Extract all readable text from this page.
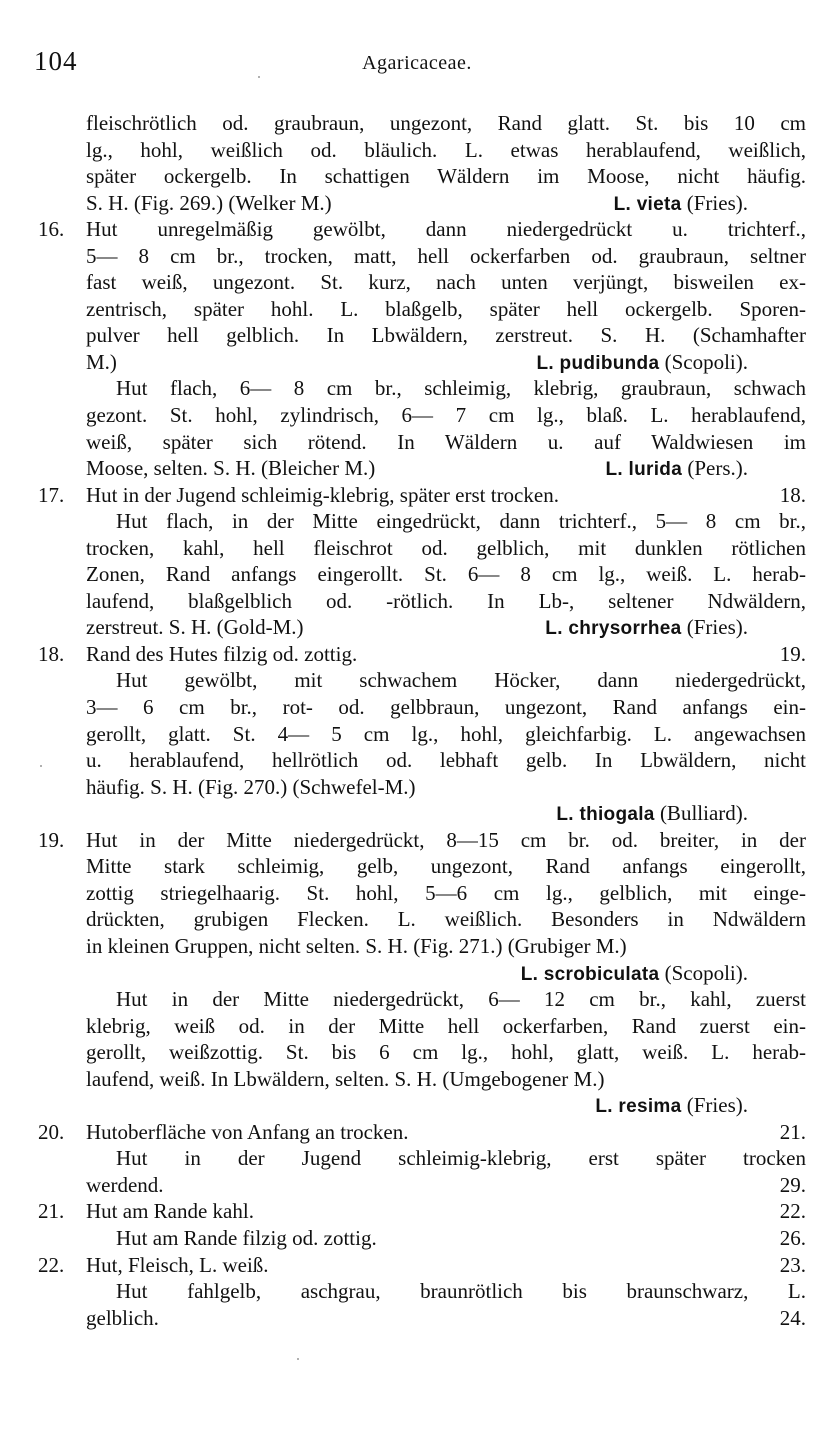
104	Agaricaceae.
fleischrötlich od. graubraun, ungezont, Rand glatt. St. bis 10 cm
lg., hohl, weißlich od. bläulich. L. etwas herablaufend, weißlich,
später ockergelb. In schattigen Wäldern im Moose, nicht häufig.
S. H. (Fig. 269.) (Welker M.)	L. vieta (Fries).
16. Hut unregelmäßig gewölbt, dann niedergedrückt u. trichterf.,
5— 8 cm br., trocken, matt, hell ockerfarben od. graubraun, seltner
fast weiß, ungezont. St. kurz, nach unten verjüngt, bisweilen ex-
zentrisch, später hohl. L. blaßgelb, später hell ockergelb. Sporen-
pulver hell gelblich. In Lbwäldern, zerstreut. S. H. (Schamhafter
M.)	L. pudibunda (Scopoli).
Hut flach, 6— 8 cm br., schleimig, klebrig, graubraun, schwach
gezont. St. hohl, zylindrisch, 6— 7 cm lg., blaß. L. herablaufend,
weiß, später sich rötend. In Wäldern u. auf Waldwiesen im
Moose, selten. S. H. (Bleicher M.)	L. lurida (Pers.).
17. Hut in der Jugend schleimig-klebrig, später erst trocken.	18.
Hut flach, in der Mitte eingedrückt, dann trichterf., 5— 8 cm br.,
trocken, kahl, hell fleischrot od. gelblich, mit dunklen rötlichen
Zonen, Rand anfangs eingerollt. St. 6— 8 cm lg., weiß. L. herab-
laufend, blaßgelblich od. -rötlich. In Lb-, seltener Ndwäldern,
zerstreut. S. H. (Gold-M.)	L. chrysorrhea (Fries).
18. Rand des Hutes filzig od. zottig.	19.
Hut gewölbt, mit schwachem Höcker, dann niedergedrückt,
3— 6 cm br., rot- od. gelbbraun, ungezont, Rand anfangs ein-
gerollt, glatt. St. 4— 5 cm lg., hohl, gleichfarbig. L. angewachsen
u. herablaufend, hellrötlich od. lebhaft gelb. In Lbwäldern, nicht
häufig. S. H. (Fig. 270.) (Schwefel-M.)
L. thiogala (Bulliard).
19. Hut in der Mitte niedergedrückt, 8—15 cm br. od. breiter, in der
Mitte stark schleimig, gelb, ungezont, Rand anfangs eingerollt,
zottig striegelhaarig. St. hohl, 5—6 cm lg., gelblich, mit einge-
drückten, grubigen Flecken. L. weißlich. Besonders in Ndwäldern
in kleinen Gruppen, nicht selten. S. H. (Fig. 271.) (Grubiger M.)
L. scrobiculata (Scopoli).
Hut in der Mitte niedergedrückt, 6— 12 cm br., kahl, zuerst
klebrig, weiß od. in der Mitte hell ockerfarben, Rand zuerst ein-
gerollt, weißzottig. St. bis 6 cm lg., hohl, glatt, weiß. L. herab-
laufend, weiß. In Lbwäldern, selten. S. H. (Umgebogener M.)
L. resima (Fries).
20. Hutoberfläche von Anfang an trocken.	21.
Hut in der Jugend schleimig-klebrig, erst später trocken
werdend.	29.
21. Hut am Rande kahl.	22.
Hut am Rande filzig od. zottig.	26.
22. Hut, Fleisch, L. weiß.	23.
Hut fahlgelb, aschgrau, braunrötlich bis braunschwarz, L.
gelblich.	24.
